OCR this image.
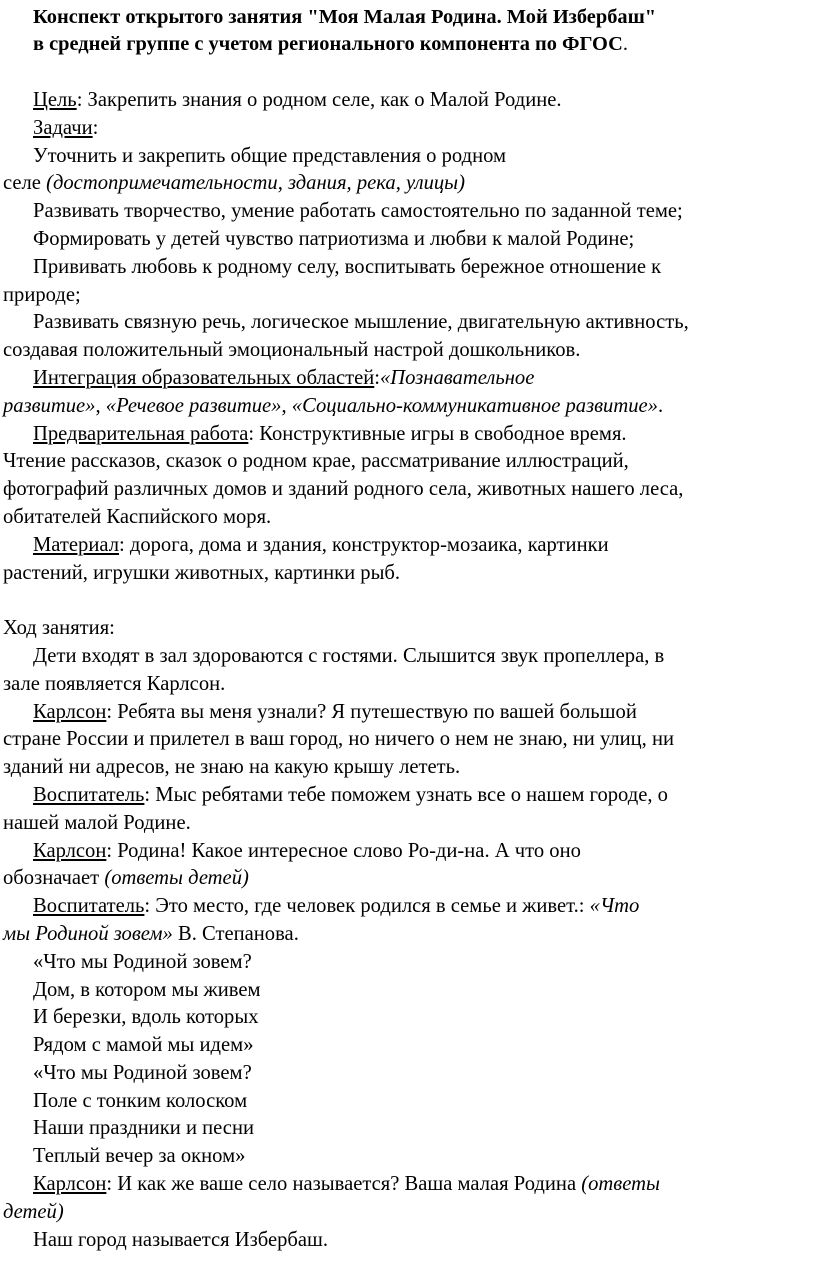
Конспект открытого занятия "Моя Малая Родина. Мой Избербаш"
в средней группе с учетом регионального компонента по ФГОС.

Цель: Закрепить знания о родном селе, как о Малой Родине.

Задачи:

Уточнить и закрепить общие представления о родном
селе (достопримечательности, здания, река, улицы)

Развивать творчество, умение работать самостоятельно по заданной теме;

Формировать у детей чувство патриотизма и любви к малой Родине;

Прививать любовь к родному селу, воспитывать бережное отношение к
природе;

Развивать связную речь, логическое мышление, двигательную активность,
создавая положительный эмоциональный настрой дошкольников.

Интеграция образовательных областей:«Познавательное
развитие», «Речевое развитие», «Социально-коммуникативное развитие».

Предварительная работа: Конструктивные игры в свободное время.
Чтение рассказов, сказок о родном крае, рассматривание иллюстраций,
фотографий различных домов и зданий родного села, животных нашего леса,
обитателей Каспийского моря.

Материал: дорога, дома и здания, конструктор-мозаика, картинки
растений, игрушки животных, картинки рыб.

Ход занятия:

Дети входят в зал здороваются с гостями. Слышится звук пропеллера, в
зале появляется Карлсон.

Карлсон: Ребята вы меня узнали? Я путешествую по вашей большой
стране России и прилетел в ваш город, но ничего о нем не знаю, ни улиц, ни
зданий ни адресов, не знаю на какую крышу лететь.

Воспитатель: Мыс ребятами тебе поможем узнать все о нашем городе, о
нашей малой Родине.

Карлсон: Родина! Какое интересное слово Ро-ди-на. А что оно
обозначает (ответы детей)

Воспитатель: Это место, где человек родился в семье и живет.: «Что
мы Родиной зовем» В. Степанова.

«Что мы Родиной зовем?

Дом, в котором мы живем

И березки, вдоль которых

Рядом с мамой мы идем»

«Что мы Родиной зовем?

Поле с тонким колоском

Наши праздники и песни

Теплый вечер за окном»

Карлсон: И как же ваше село называется? Ваша малая Родина (ответы
детей)

Наш город называется Избербаш.
